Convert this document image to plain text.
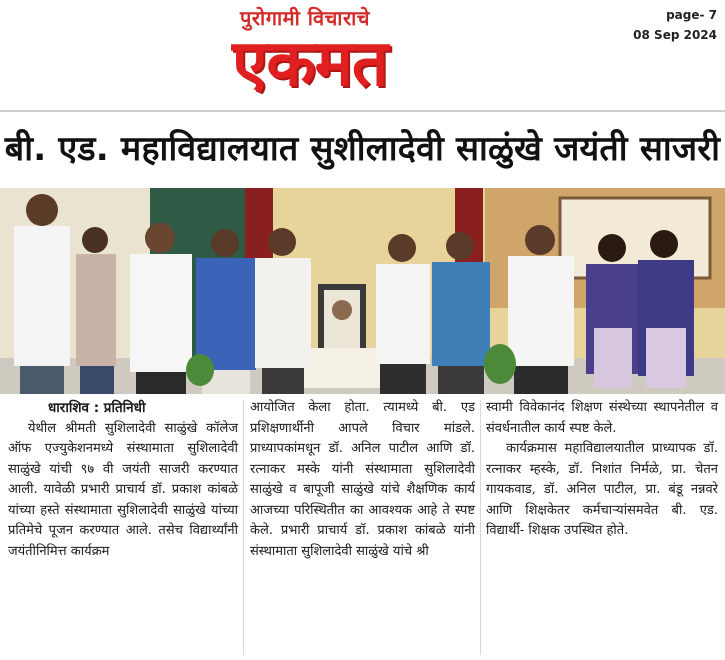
पुरोगामी विचाराचे
एकमत
page- 7
08 Sep 2024
बी. एड. महाविद्यालयात सुशीलादेवी साळुंखे जयंती साजरी
धाराशिव : प्रतिनिधी

येथील श्रीमती सुशिलादेवी साळुंखे कॉलेज ऑफ एज्युकेशनमध्ये संस्थामाता सुशिलादेवी साळुंखे यांची ९७ वी जयंती साजरी करण्यात आली. यावेळी प्रभारी प्राचार्य डॉ. प्रकाश कांबळे यांच्या हस्ते संस्थामाता सुशिलादेवी साळुंखे यांच्या प्रतिमेचे पूजन करण्यात आले. तसेच विद्यार्थ्यांनी जयंतीनिमित्त कार्यक्रम

आयोजित केला होता. त्यामध्ये बी. एड प्रशिक्षणार्थीनी आपले विचार मांडले. प्राध्यापकांमधून डॉ. अनिल पाटील आणि डॉ. रत्नाकर मस्के यांनी संस्थामाता सुशिलादेवी साळुंखे व बापूजी साळुंखे यांचे शैक्षणिक कार्य आजच्या परिस्थितीत का आवश्यक आहे ते स्पष्ट केले. प्रभारी प्राचार्य डॉ. प्रकाश कांबळे यांनी संस्थामाता सुशिलादेवी साळुंखे यांचे श्री

स्वामी विवेकानंद शिक्षण संस्थेच्या स्थापनेतील व संवर्धनातील कार्य स्पष्ट केले.

कार्यक्रमास महाविद्यालयातील प्राध्यापक डॉ. रत्नाकर म्हस्के, डॉ. निशांत निर्मळे, प्रा. चेतन गायकवाड, डॉ. अनिल पाटील, प्रा. बंडू नन्नवरे आणि शिक्षकेतर कर्मचाऱ्यांसमवेत बी. एड. विद्यार्थी- शिक्षक उपस्थित होते.
